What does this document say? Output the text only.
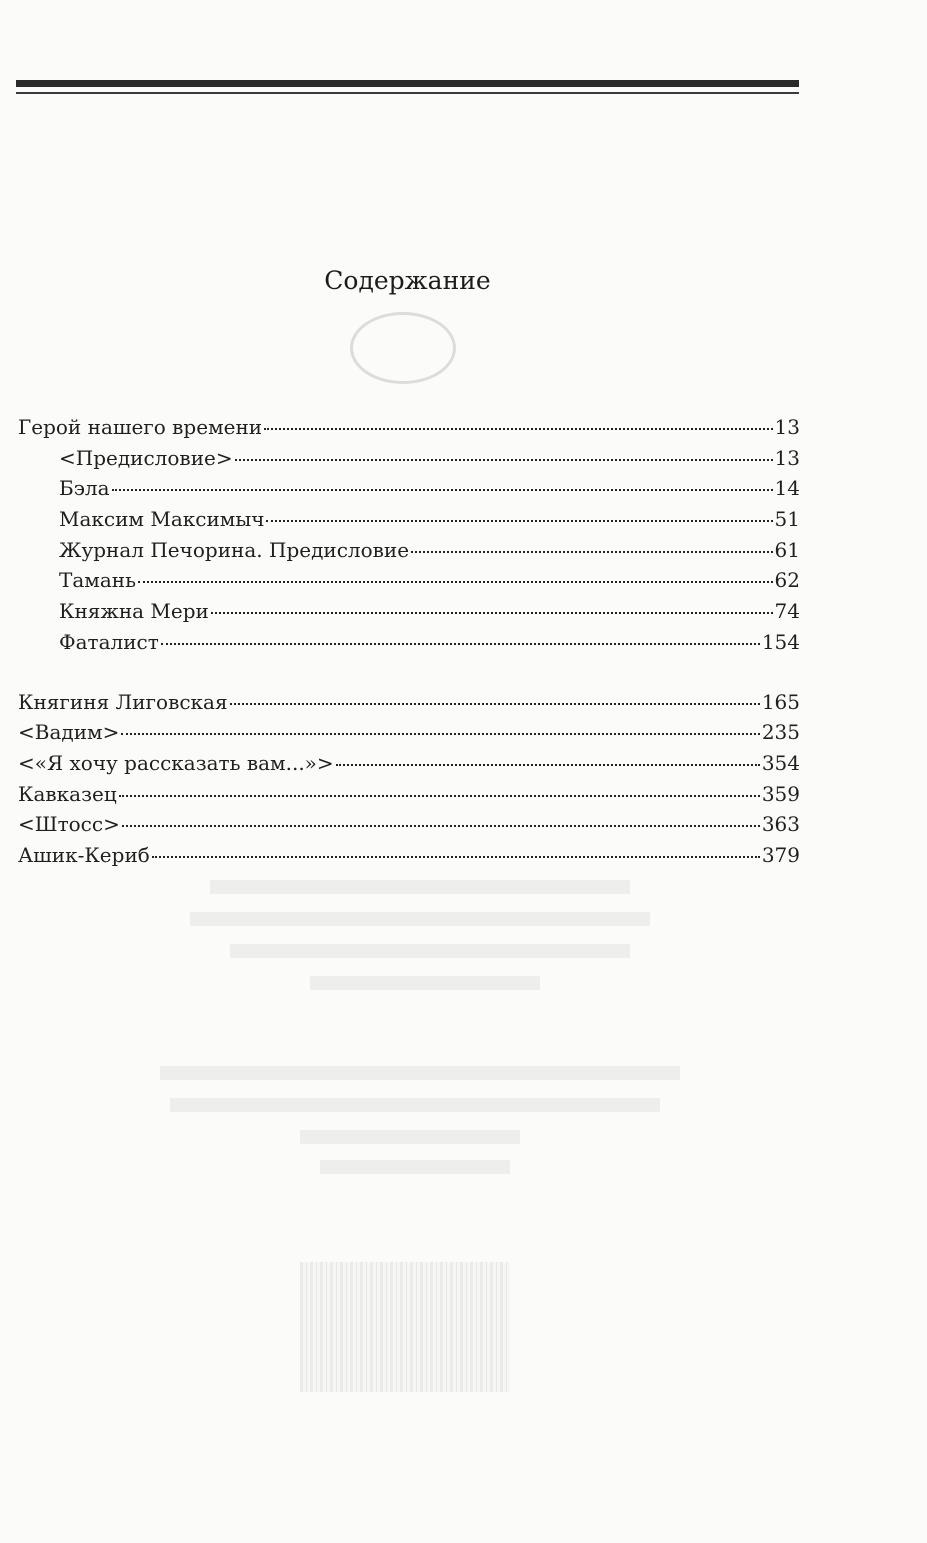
Содержание
Герой нашего времени	13
<Предисловие>	13
Бэла	14
Максим Максимыч	51
Журнал Печорина. Предисловие	61
Тамань	62
Княжна Мери	74
Фаталист	154
Княгиня Лиговская	165
<Вадим>	235
<«Я хочу рассказать вам...»>	354
Кавказец	359
<Штосс>	363
Ашик-Кериб	379
